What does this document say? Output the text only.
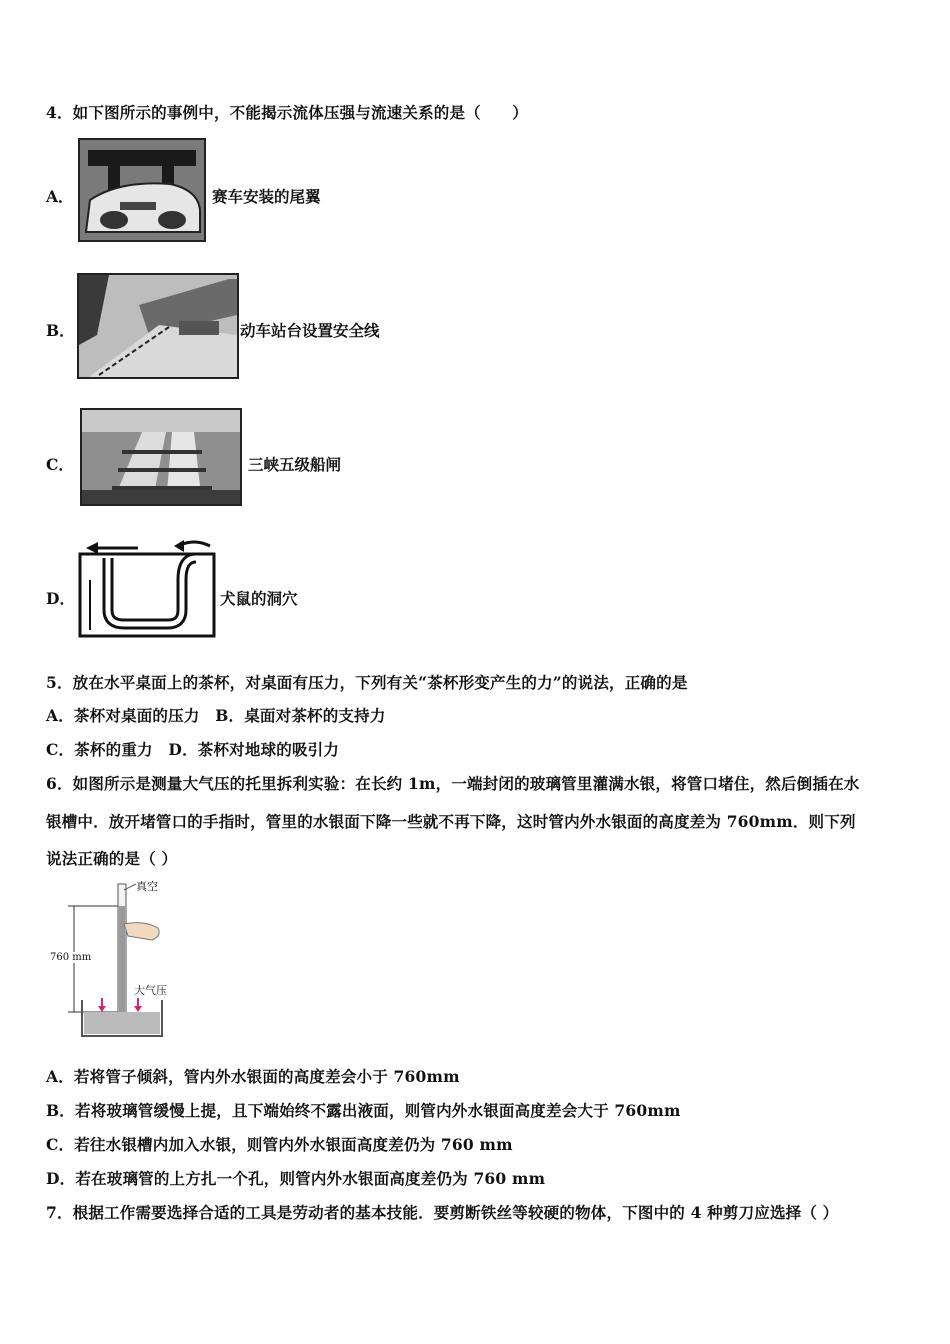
4．如下图所示的事例中，不能揭示流体压强与流速关系的是（　　）
A．	赛车安装的尾翼
B．	动车站台设置安全线
C．	三峡五级船闸
D．	犬鼠的洞穴
5．放在水平桌面上的茶杯，对桌面有压力，下列有关“茶杯形变产生的力”的说法，正确的是
A．茶杯对桌面的压力　B．桌面对茶杯的支持力
C．茶杯的重力　D．茶杯对地球的吸引力
6．如图所示是测量大气压的托里拆利实验：在长约 1m，一端封闭的玻璃管里灌满水银，将管口堵住，然后倒插在水
银槽中．放开堵管口的手指时，管里的水银面下降一些就不再下降，这时管内外水银面的高度差为 760mm．则下列
说法正确的是（ ）
真空
760 mm
大气压
A．若将管子倾斜，管内外水银面的高度差会小于 760mm
B．若将玻璃管缓慢上提，且下端始终不露出液面，则管内外水银面高度差会大于 760mm
C．若往水银槽内加入水银，则管内外水银面高度差仍为 760 mm
D．若在玻璃管的上方扎一个孔，则管内外水银面高度差仍为 760 mm
7．根据工作需要选择合适的工具是劳动者的基本技能．要剪断铁丝等较硬的物体，下图中的 4 种剪刀应选择（ ）
